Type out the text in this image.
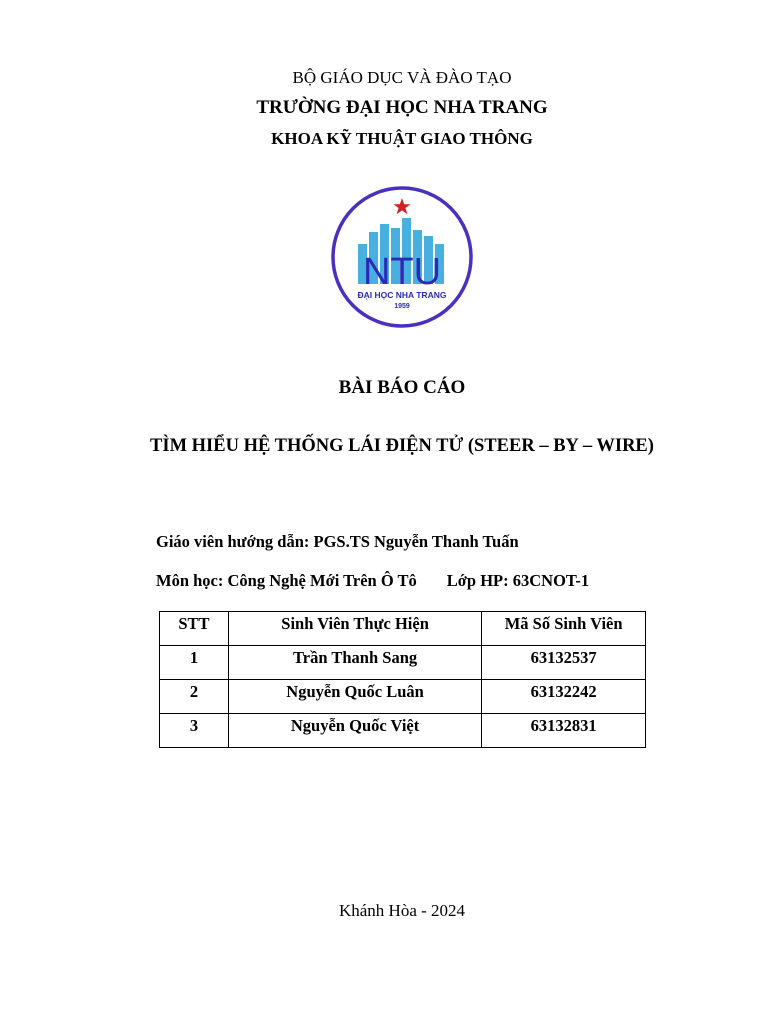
BỘ GIÁO DỤC VÀ ĐÀO TẠO
TRƯỜNG ĐẠI HỌC NHA TRANG
KHOA KỸ THUẬT GIAO THÔNG
NTU
ĐẠI HỌC NHA TRANG
1959
BÀI BÁO CÁO
TÌM HIỂU HỆ THỐNG LÁI ĐIỆN TỬ (STEER – BY – WIRE)
Giáo viên hướng dẫn: PGS.TS Nguyễn Thanh Tuấn
Môn học: Công Nghệ Mới Trên Ô Tô Lớp HP: 63CNOT-1
STT	Sinh Viên Thực Hiện	Mã Số Sinh Viên
1	Trần Thanh Sang	63132537
2	Nguyễn Quốc Luân	63132242
3	Nguyễn Quốc Việt	63132831
Khánh Hòa - 2024
